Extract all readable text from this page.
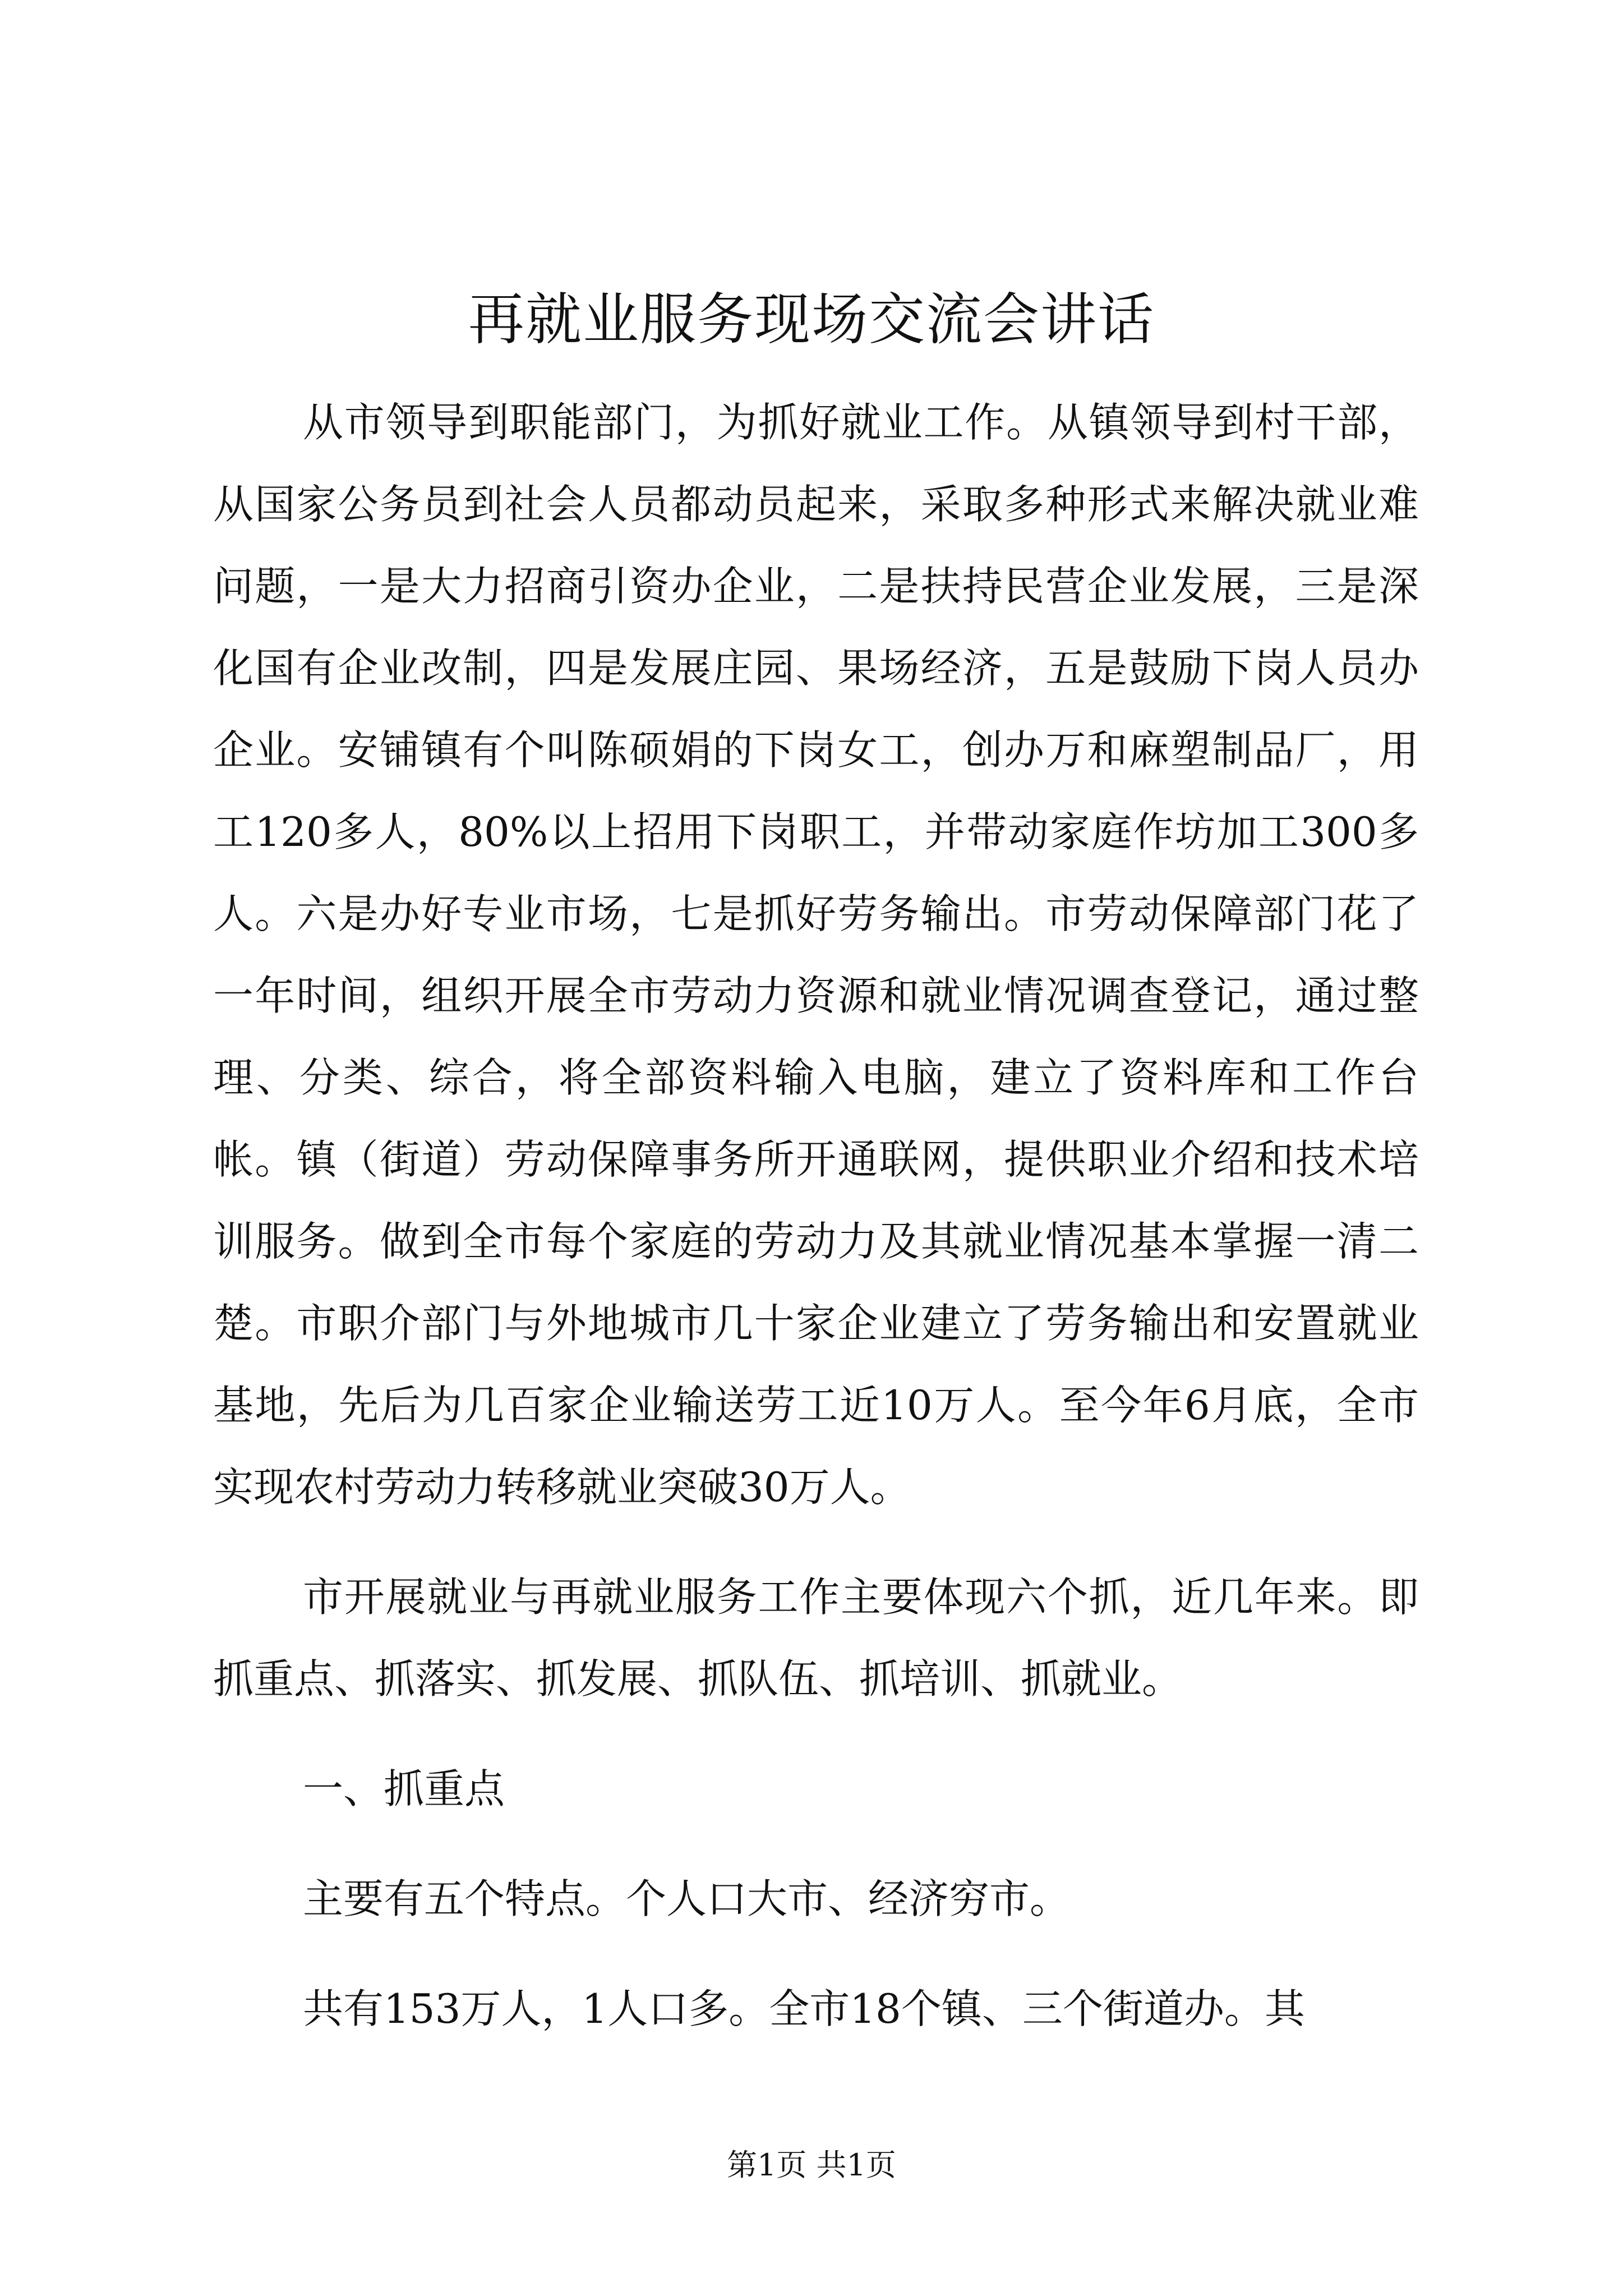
再就业服务现场交流会讲话

从市领导到职能部门，为抓好就业工作。从镇领导到村干部，从国家公务员到社会人员都动员起来，采取多种形式来解决就业难问题，一是大力招商引资办企业，二是扶持民营企业发展，三是深化国有企业改制，四是发展庄园、果场经济，五是鼓励下岗人员办企业。安铺镇有个叫陈硕娟的下岗女工，创办万和麻塑制品厂，用工120多人，80%以上招用下岗职工，并带动家庭作坊加工300多人。六是办好专业市场，七是抓好劳务输出。市劳动保障部门花了一年时间，组织开展全市劳动力资源和就业情况调查登记，通过整理、分类、综合，将全部资料输入电脑，建立了资料库和工作台帐。镇（街道）劳动保障事务所开通联网，提供职业介绍和技术培训服务。做到全市每个家庭的劳动力及其就业情况基本掌握一清二楚。市职介部门与外地城市几十家企业建立了劳务输出和安置就业基地，先后为几百家企业输送劳工近10万人。至今年6月底，全市实现农村劳动力转移就业突破30万人。

市开展就业与再就业服务工作主要体现六个抓，近几年来。即抓重点、抓落实、抓发展、抓队伍、抓培训、抓就业。

一、抓重点

主要有五个特点。个人口大市、经济穷市。

共有153万人，1人口多。全市18个镇、三个街道办。其

第1页 共1页
